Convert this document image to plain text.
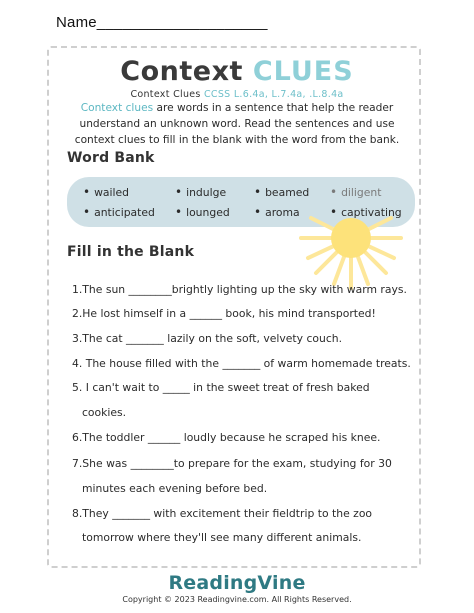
Name____________________
Context CLUES
Context Clues CCSS L.6.4a, L.7.4a, .L.8.4a
Context clues are words in a sentence that help the reader
understand an unknown word. Read the sentences and use
context clues to fill in the blank with the word from the bank.
Word Bank
• wailed	• indulge • beamed • diligent
• anticipated • lounged • aroma	• captivating
Fill in the Blank
1.The sun ________brightly lighting up the sky with warm rays.
2.He lost himself in a ______ book, his mind transported!
3.The cat _______ lazily on the soft, velvety couch.
4. The house filled with the _______ of warm homemade treats.
5. I can't wait to _____ in the sweet treat of fresh baked
cookies.
6.The toddler ______ loudly because he scraped his knee.
7.She was ________to prepare for the exam, studying for 30
minutes each evening before bed.
8.They _______ with excitement their fieldtrip to the zoo
tomorrow where they'll see many different animals.
ReadingVine
Copyright © 2023 Readingvine.com. All Rights Reserved.
